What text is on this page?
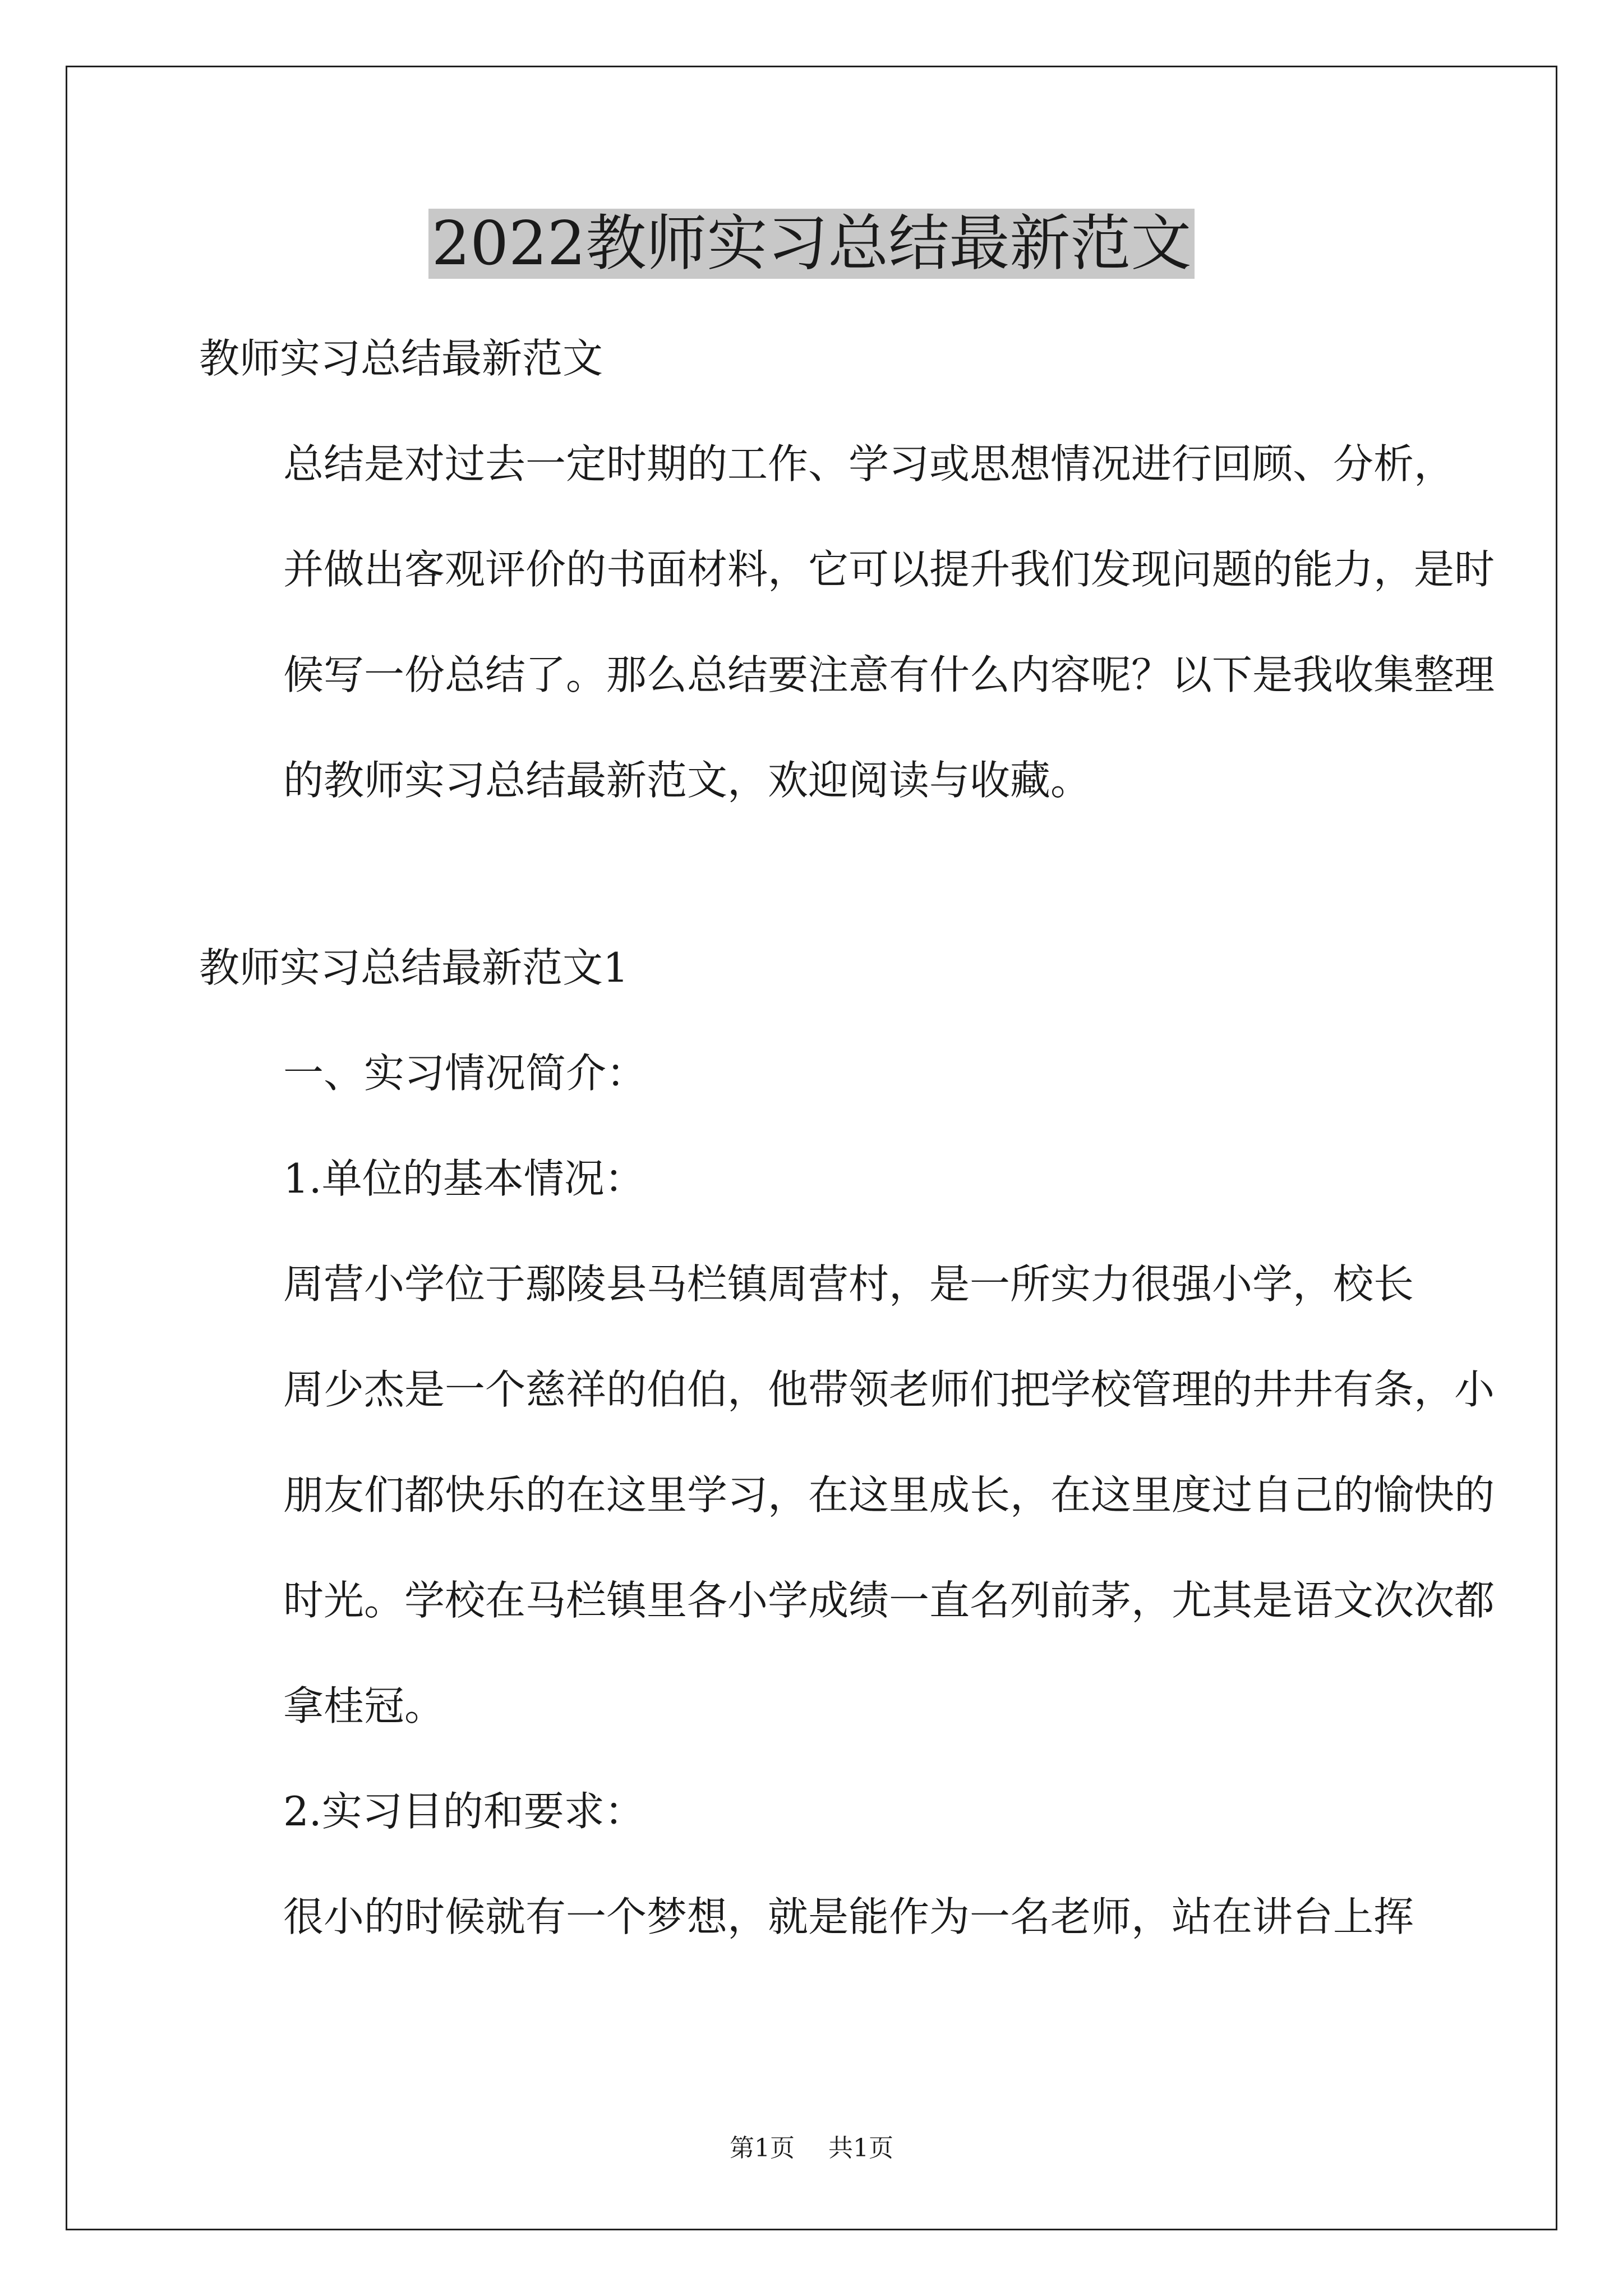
2022教师实习总结最新范文

教师实习总结最新范文

总结是对过去一定时期的工作、学习或思想情况进行回顾、分析，
并做出客观评价的书面材料，它可以提升我们发现问题的能力，是时
候写一份总结了。那么总结要注意有什么内容呢？以下是我收集整理
的教师实习总结最新范文，欢迎阅读与收藏。

教师实习总结最新范文1

一、实习情况简介：

1.单位的基本情况：

周营小学位于鄢陵县马栏镇周营村，是一所实力很强小学，校长
周少杰是一个慈祥的伯伯，他带领老师们把学校管理的井井有条，小
朋友们都快乐的在这里学习，在这里成长，在这里度过自己的愉快的
时光。学校在马栏镇里各小学成绩一直名列前茅，尤其是语文次次都
拿桂冠。

2.实习目的和要求：

很小的时候就有一个梦想，就是能作为一名老师，站在讲台上挥

第1页 共1页
